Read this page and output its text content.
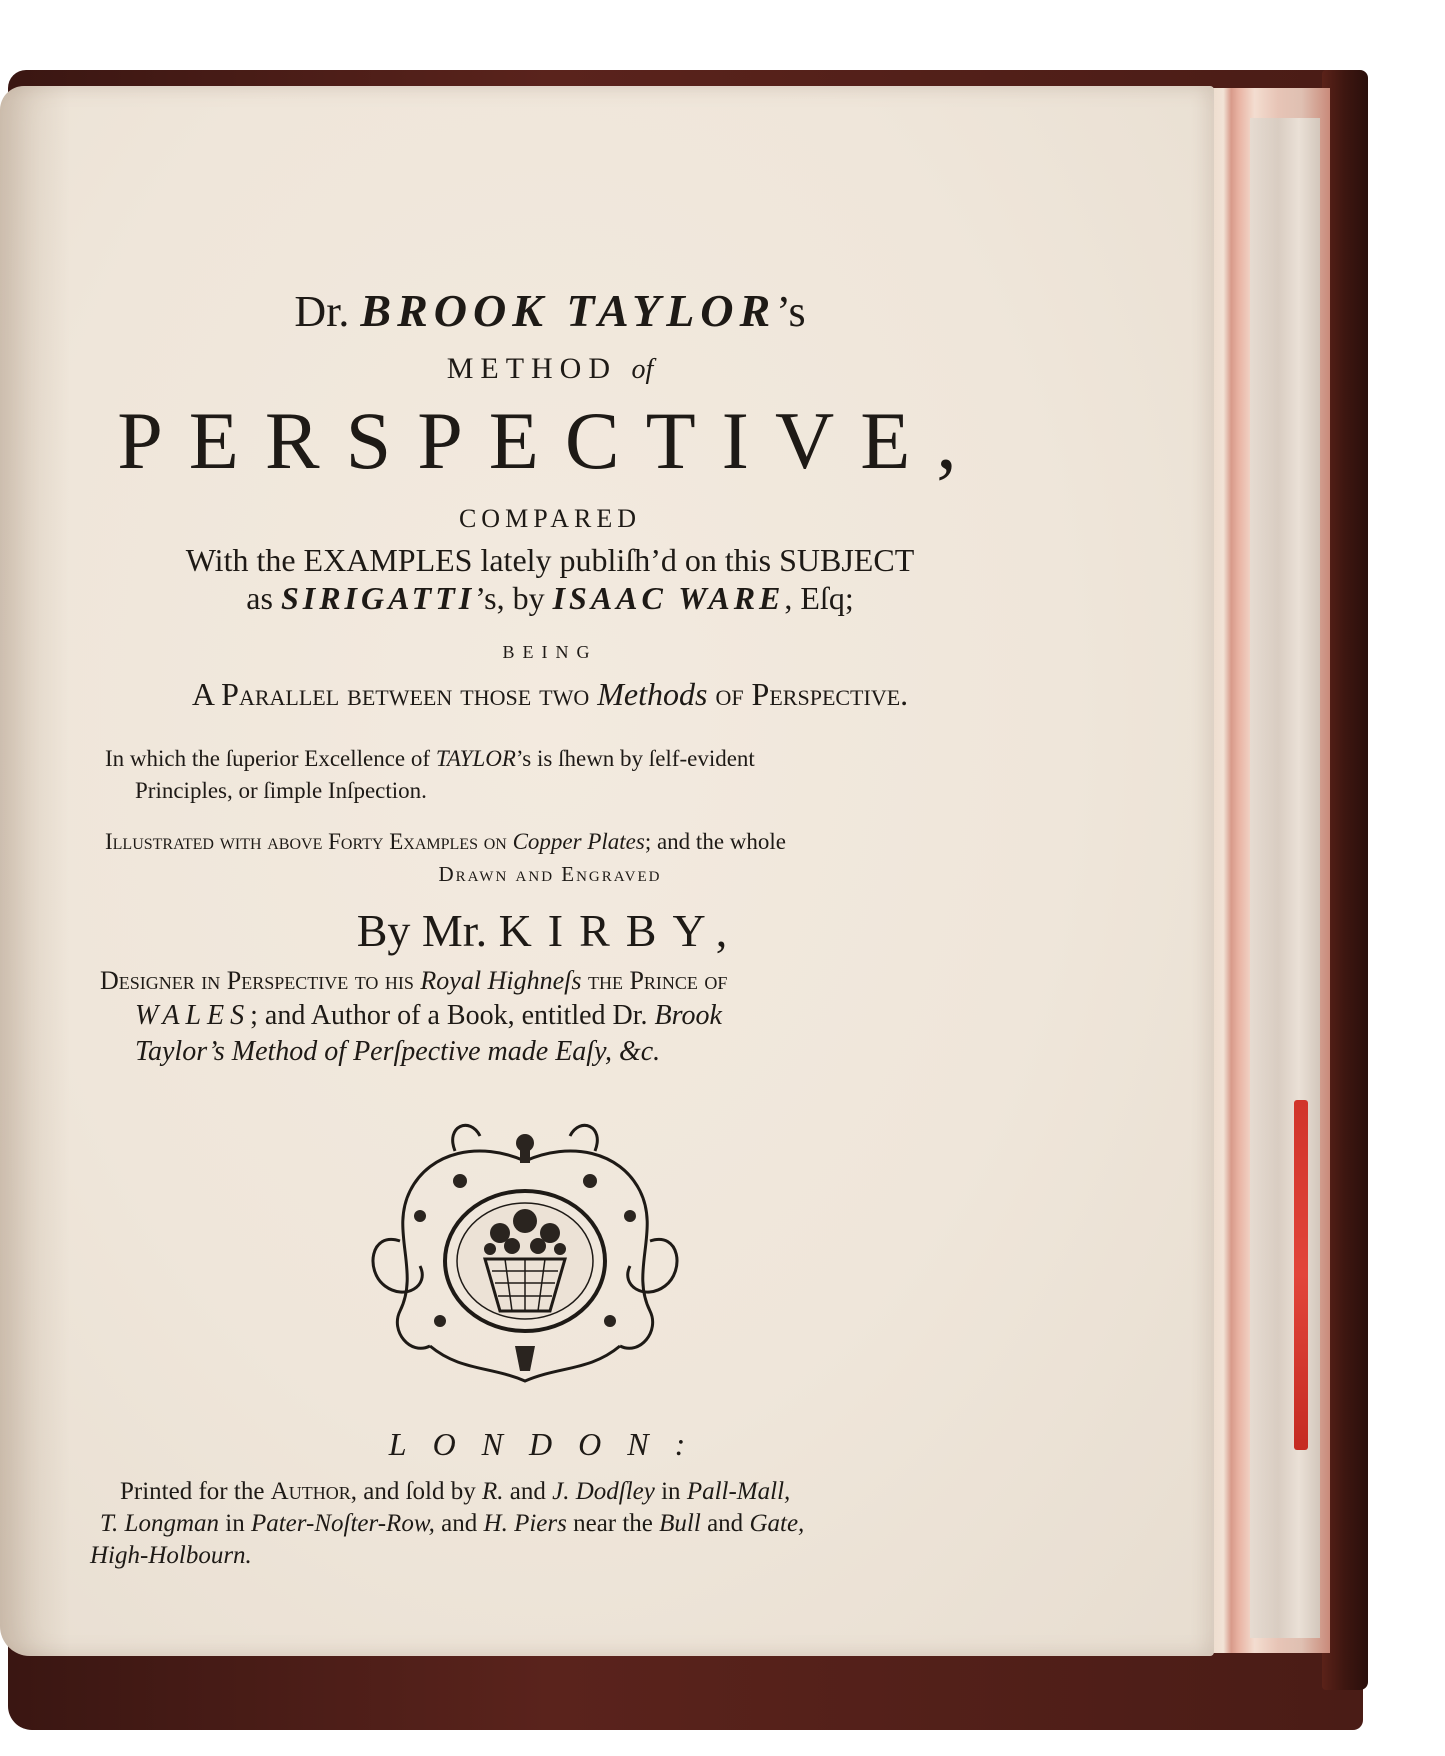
Dr. BROOK TAYLOR’s
METHOD of
PERSPECTIVE,
COMPARED
With the EXAMPLES lately publiſh’d on this SUBJECT
as SIRIGATTI’s, by ISAAC WARE, Eſq;
BEING
A Parallel between thoſe two Methods of Perspective.
In which the ſuperior Excellence of TAYLOR’s is ſhewn by ſelf-evident
Principles, or ſimple Inſpection.
Illuſtrated with above Forty Examples on Copper Plates; and the whole
Drawn and Engraved
By Mr. KIRBY,
Deſigner in Perspective to his Royal Highneſs the Prince of
WALES; and Author of a Book, entitled Dr. Brook
Taylor’s Method of Perſpective made Eaſy, &c.
LONDON:
Printed for the Author, and ſold by R. and J. Dodſley in Pall-Mall,
T. Longman in Pater-Noſter-Row, and H. Piers near the Bull and Gate,
High-Holbourn.
